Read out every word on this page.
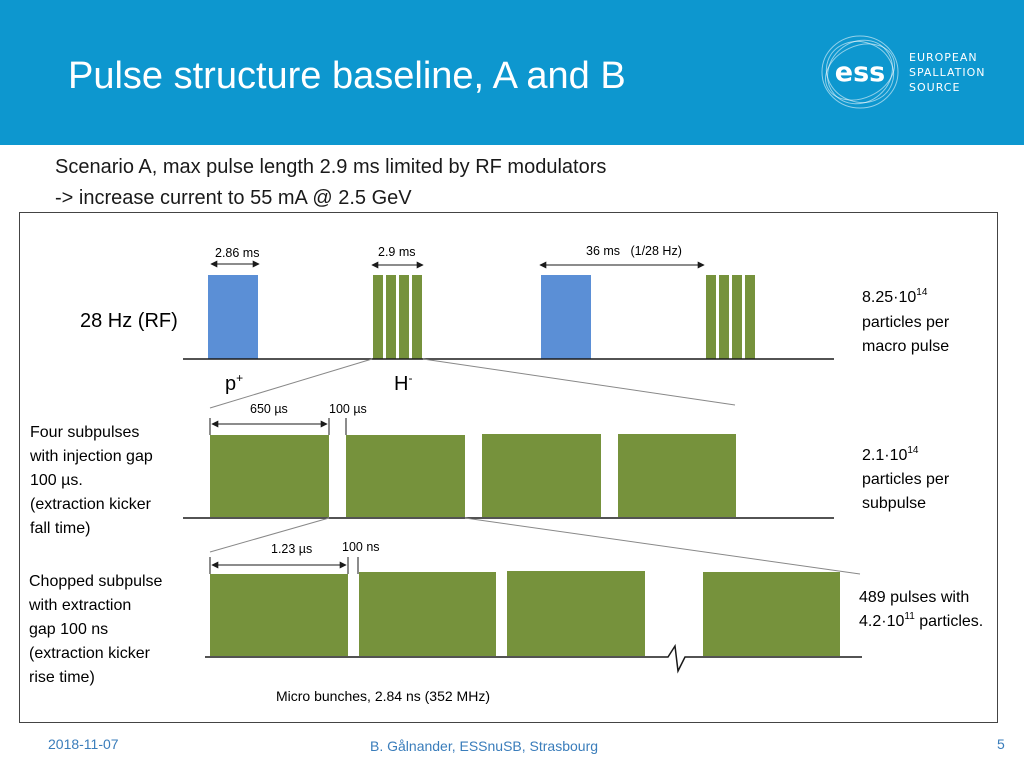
Pulse structure baseline, A and B	ess EUROPEAN
SPALLATION
SOURCE
Scenario A, max pulse length 2.9 ms limited by RF modulators
-> increase current to 55 mA @ 2.5 GeV
2.86 ms	2.9 ms	36 ms   (1/28 Hz)
28 Hz (RF)
p+	H-
$8.25\cdot 10^{14}$
particles per
macro pulse
650 µs	100 µs
Four subpulses
with injection gap
100 µs.
(extraction kicker
fall time)
$2.1\cdot 10^{14}$
particles per
subpulse
1.23 µs 100 ns
Chopped subpulse
with extraction
gap 100 ns
(extraction kicker
rise time)
489 pulses with
$4.2\cdot 10^{11}$ particles.
Micro bunches, 2.84 ns (352 MHz)
2018-11-07	B. Gålnander, ESSnuSB, Strasbourg	5
